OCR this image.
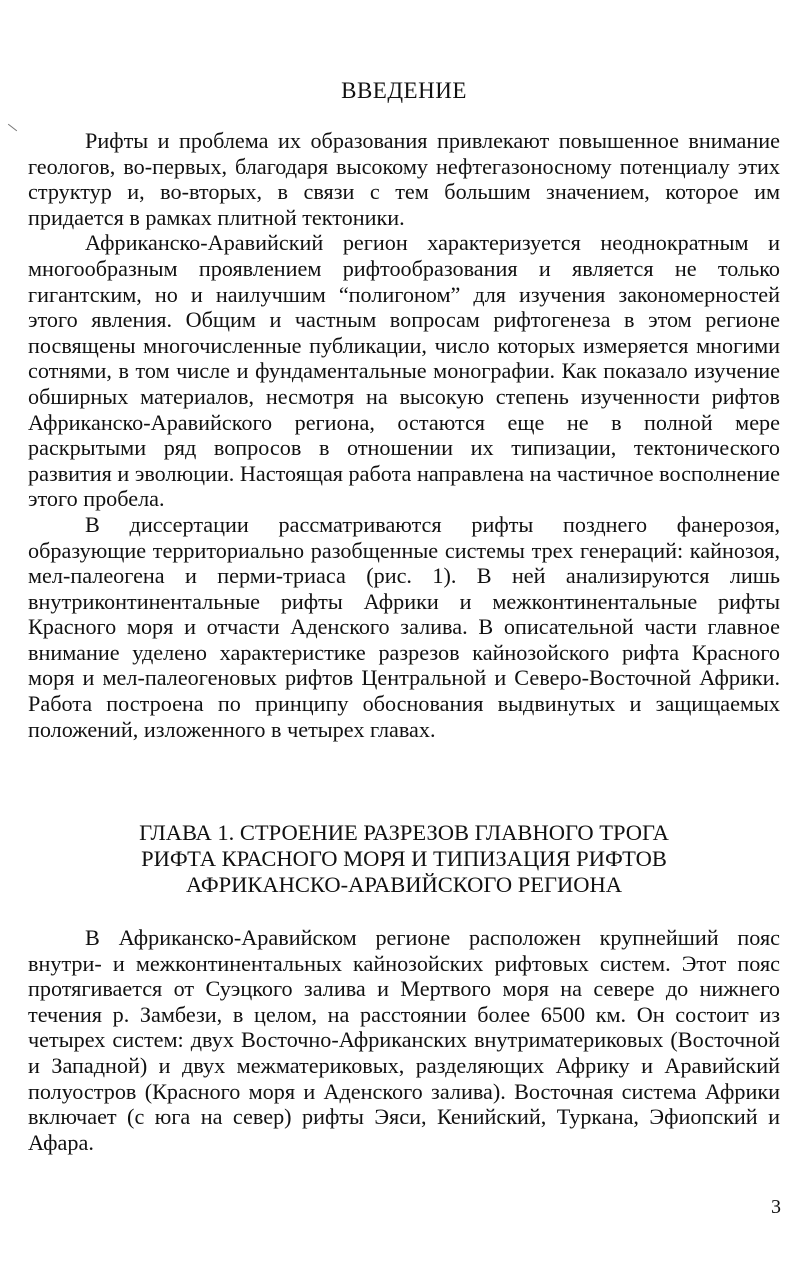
ВВЕДЕНИЕ

Рифты и проблема их образования привлекают повышенное внимание геологов, во-первых, благодаря высокому нефтегазоносному потенциалу этих структур и, во-вторых, в связи с тем большим значением, которое им придается в рамках плитной тектоники.

Африканско-Аравийский регион характеризуется неоднократным и многообразным проявлением рифтообразования и является не только гигантским, но и наилучшим “полигоном” для изучения закономерностей этого явления. Общим и частным вопросам рифтогенеза в этом регионе посвящены многочисленные публикации, число которых измеряется многими сотнями, в том числе и фундаментальные монографии. Как показало изучение обширных материалов, несмотря на высокую степень изученности рифтов Африканско-Аравийского региона, остаются еще не в полной мере раскрытыми ряд вопросов в отношении их типизации, тектонического развития и эволюции. Настоящая работа направлена на частичное восполнение этого пробела.

В диссертации рассматриваются рифты позднего фанерозоя, образующие территориально разобщенные системы трех генераций: кайнозоя, мел-палеогена и перми-триаса (рис. 1). В ней анализируются лишь внутриконтинентальные рифты Африки и межконтинентальные рифты Красного моря и отчасти Аденского залива. В описательной части главное внимание уделено характеристике разрезов кайнозойского рифта Красного моря и мел-палеогеновых рифтов Центральной и Северо-Восточной Африки. Работа построена по принципу обоснования выдвинутых и защищаемых положений, изложенного в четырех главах.

ГЛАВА 1. СТРОЕНИЕ РАЗРЕЗОВ ГЛАВНОГО ТРОГА
РИФТА КРАСНОГО МОРЯ И ТИПИЗАЦИЯ РИФТОВ
АФРИКАНСКО-АРАВИЙСКОГО РЕГИОНА

В Африканско-Аравийском регионе расположен крупнейший пояс внутри- и межконтинентальных кайнозойских рифтовых систем. Этот пояс протягивается от Суэцкого залива и Мертвого моря на севере до нижнего течения р. Замбези, в целом, на расстоянии более 6500 км. Он состоит из четырех систем: двух Восточно-Африканских внутриматериковых (Восточной и Западной) и двух межматериковых, разделяющих Африку и Аравийский полуостров (Красного моря и Аденского залива). Восточная система Африки включает (с юга на север) рифты Эяси, Кенийский, Туркана, Эфиопский и Афара.

3
